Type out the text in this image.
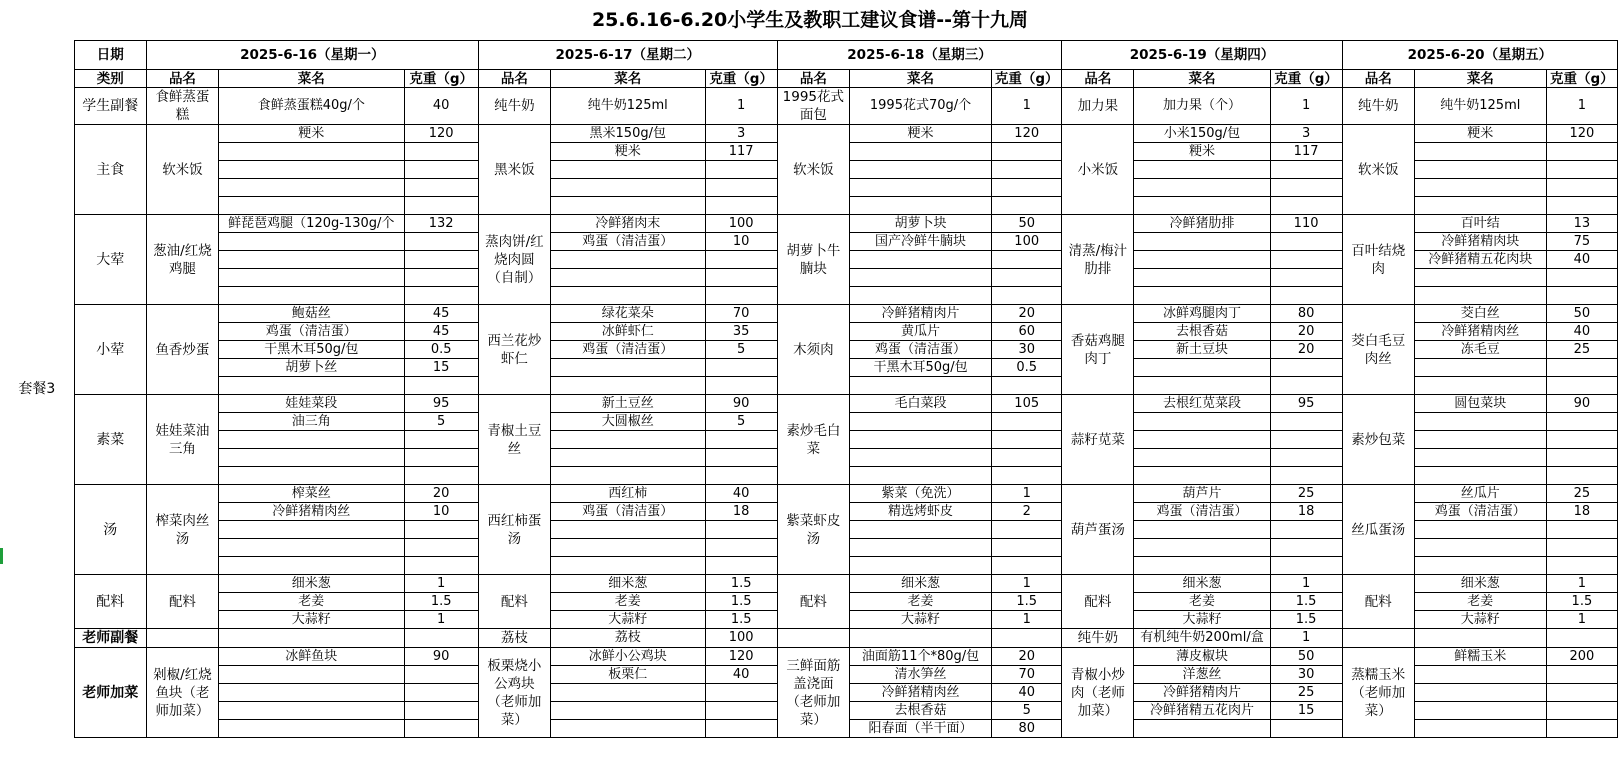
25.6.16-6.20小学生及教职工建议食谱--第十九周
套餐3	日期	2025-6-16（星期一）			2025-6-17（星期二）			2025-6-18（星期三）			2025-6-19（星期四）			2025-6-20（星期五）		
	类别	品名	菜名	克重（g）	品名	菜名	克重（g）	品名	菜名	克重（g）	品名	菜名	克重（g）	品名	菜名	克重（g）
	学生副餐	食鲜蒸蛋糕	食鲜蒸蛋糕40g/个	40	纯牛奶	纯牛奶125ml	1	1995花式面包	1995花式70g/个	1	加力果	加力果（个）	1	纯牛奶	纯牛奶125ml	1
	主食	软米饭	粳米	120	黑米饭	黑米150g/包	3	软米饭	粳米	120	小米饭	小米150g/包	3	软米饭	粳米	120
						粳米	117					粳米	117			

	大荤	葱油/红烧鸡腿	鲜琵琶鸡腿（120g-130g/个	132	蒸肉饼/红烧肉圆（自制）	冷鲜猪肉末	100	胡萝卜牛腩块	胡萝卜块	50	清蒸/梅汁肋排	冷鲜猪肋排	110	百叶结烧肉	百叶结	13
						鸡蛋（清洁蛋）	10		国产冷鲜牛腩块	100					冷鲜猪精肉块	75
															冷鲜猪精五花肉块	40

	小荤	鱼香炒蛋	鲍菇丝	45	西兰花炒虾仁	绿花菜朵	70	木须肉	冷鲜猪精肉片	20	香菇鸡腿肉丁	冰鲜鸡腿肉丁	80	茭白毛豆肉丝	茭白丝	50
			鸡蛋（清洁蛋）	45		冰鲜虾仁	35		黄瓜片	60		去根香菇	20		冷鲜猪精肉丝	40
			干黑木耳50g/包	0.5		鸡蛋（清洁蛋）	5		鸡蛋（清洁蛋）	30		新土豆块	20		冻毛豆	25
			胡萝卜丝	15					干黑木耳50g/包	0.5						

	素菜	娃娃菜油三角	娃娃菜段	95	青椒土豆丝	新土豆丝	90	素炒毛白菜	毛白菜段	105	蒜籽苋菜	去根红苋菜段	95	素炒包菜	圆包菜块	90
			油三角	5		大圆椒丝	5									

	汤	榨菜肉丝汤	榨菜丝	20	西红柿蛋汤	西红柿	40	紫菜虾皮汤	紫菜（免洗）	1	葫芦蛋汤	葫芦片	25	丝瓜蛋汤	丝瓜片	25
			冷鲜猪精肉丝	10		鸡蛋（清洁蛋）	18		精选烤虾皮	2		鸡蛋（清洁蛋）	18		鸡蛋（清洁蛋）	18

	配料	配料	细米葱	1	配料	细米葱	1.5	配料	细米葱	1	配料	细米葱	1	配料	细米葱	1
			老姜	1.5		老姜	1.5		老姜	1.5		老姜	1.5		老姜	1.5
			大蒜籽	1		大蒜籽	1.5		大蒜籽	1		大蒜籽	1.5		大蒜籽	1
	老师副餐				荔枝	荔枝	100				纯牛奶	有机纯牛奶200ml/盒	1			
	老师加菜	剁椒/红烧鱼块（老师加菜）	冰鲜鱼块	90	板栗烧小公鸡块（老师加菜）	冰鲜小公鸡块	120	三鲜面筋盖浇面（老师加菜）	油面筋11个*80g/包	20	青椒小炒肉（老师加菜）	薄皮椒块	50	蒸糯玉米（老师加菜）	鲜糯玉米	200
						板栗仁	40		清水笋丝	70		洋葱丝	30			
									冷鲜猪精肉丝	40		冷鲜猪精肉片	25			
									去根香菇	5		冷鲜猪精五花肉片	15			
									阳春面（半干面）	80						
